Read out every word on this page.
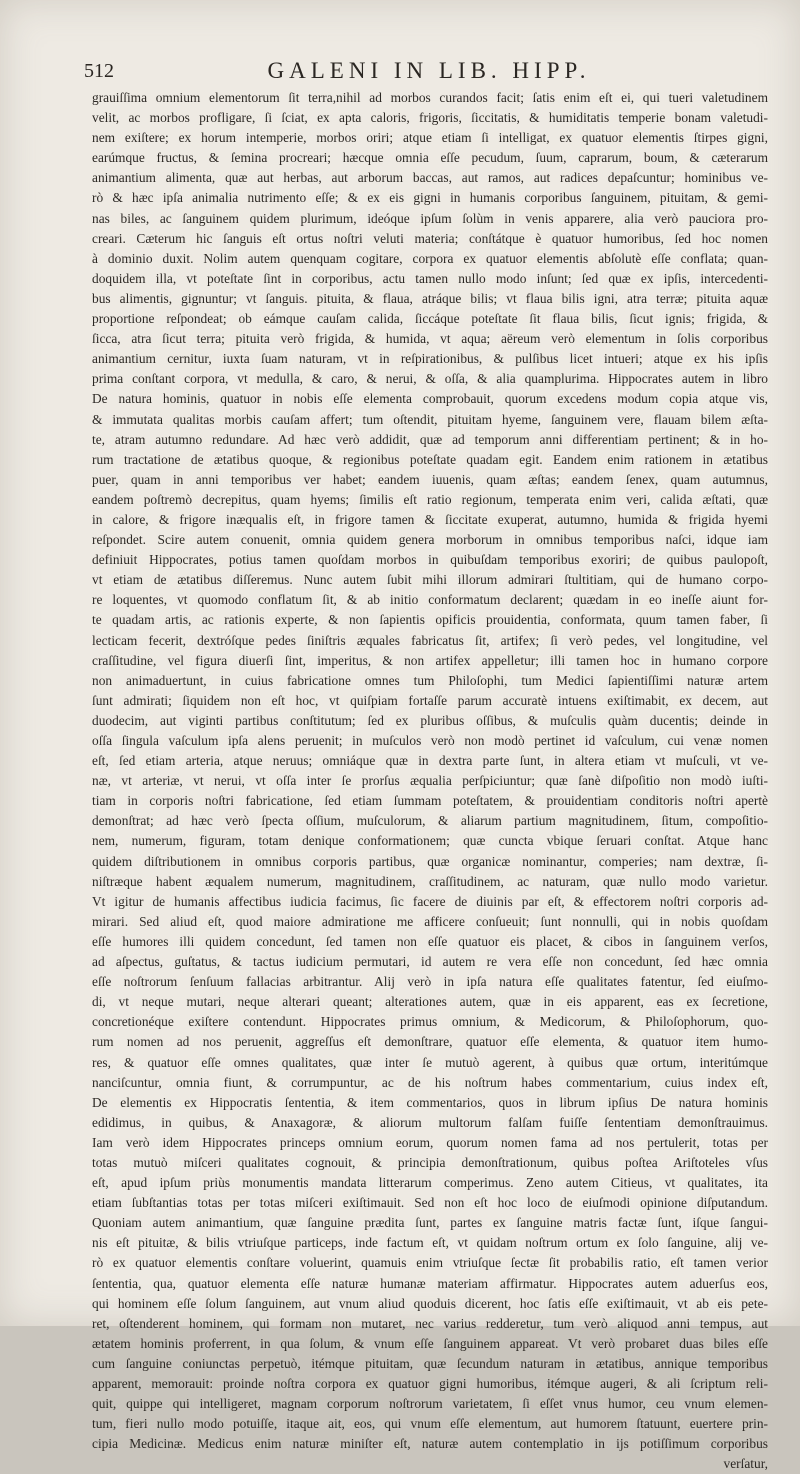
512	GALENI IN LIB. HIPP.
grauiſſima omnium elementorum ſit terra,nihil ad morbos curandos facit; ſatis enim eſt ei, qui tueri valetudinem
velit, ac morbos profligare, ſi ſciat, ex apta caloris, frigoris, ſiccitatis, & humiditatis temperie bonam valetudi-
nem exiſtere; ex horum intemperie, morbos oriri; atque etiam ſi intelligat, ex quatuor elementis ſtirpes gigni,
earúmque fructus, & ſemina procreari; hæcque omnia eſſe pecudum, ſuum, caprarum, boum, & cæterarum
animantium alimenta, quæ aut herbas, aut arborum baccas, aut ramos, aut radices depaſcuntur; hominibus ve-
rò & hæc ipſa animalia nutrimento eſſe; & ex eis gigni in humanis corporibus ſanguinem, pituitam, & gemi-
nas biles, ac ſanguinem quidem plurimum, ideóque ipſum ſolùm in venis apparere, alia verò pauciora pro-
creari. Cæterum hic ſanguis eſt ortus noſtri veluti materia; conſtátque è quatuor humoribus, ſed hoc nomen
à dominio duxit. Nolim autem quenquam cogitare, corpora ex quatuor elementis abſolutè eſſe conflata; quan-
doquidem illa, vt poteſtate ſint in corporibus, actu tamen nullo modo inſunt; ſed quæ ex ipſis, intercedenti-
bus alimentis, gignuntur; vt ſanguis. pituita, & flaua, atráque bilis; vt flaua bilis igni, atra terræ; pituita aquæ
proportione reſpondeat; ob eámque cauſam calida, ſiccáque poteſtate ſit flaua bilis, ſicut ignis; frigida, &
ſicca, atra ſicut terra; pituita verò frigida, & humida, vt aqua; aëreum verò elementum in ſolis corporibus
animantium cernitur, iuxta ſuam naturam, vt in reſpirationibus, & pulſibus licet intueri; atque ex his ipſis
prima conſtant corpora, vt medulla, & caro, & nerui, & oſſa, & alia quamplurima. Hippocrates autem in libro
De natura hominis, quatuor in nobis eſſe elementa comprobauit, quorum excedens modum copia atque vis,
& immutata qualitas morbis cauſam affert; tum oſtendit, pituitam hyeme, ſanguinem vere, flauam bilem æſta-
te, atram autumno redundare. Ad hæc verò addidit, quæ ad temporum anni differentiam pertinent; & in ho-
rum tractatione de ætatibus quoque, & regionibus poteſtate quadam egit. Eandem enim rationem in ætatibus
puer, quam in anni temporibus ver habet; eandem iuuenis, quam æſtas; eandem ſenex, quam autumnus,
eandem poſtremò decrepitus, quam hyems; ſimilis eſt ratio regionum, temperata enim veri, calida æſtati, quæ
in calore, & frigore inæqualis eſt, in frigore tamen & ſiccitate exuperat, autumno, humida & frigida hyemi
reſpondet. Scire autem conuenit, omnia quidem genera morborum in omnibus temporibus naſci, idque iam
definiuit Hippocrates, potius tamen quoſdam morbos in quibuſdam temporibus exoriri; de quibus paulopoſt,
vt etiam de ætatibus diſſeremus. Nunc autem ſubit mihi illorum admirari ſtultitiam, qui de humano corpo-
re loquentes, vt quomodo conflatum ſit, & ab initio conformatum declarent; quædam in eo ineſſe aiunt for-
te quadam artis, ac rationis experte, & non ſapientis opificis prouidentia, conformata, quum tamen faber, ſi
lecticam fecerit, dextróſque pedes ſiniſtris æquales fabricatus ſit, artifex; ſi verò pedes, vel longitudine, vel
craſſitudine, vel figura diuerſi ſint, imperitus, & non artifex appelletur; illi tamen hoc in humano corpore
non animaduertunt, in cuius fabricatione omnes tum Philoſophi, tum Medici ſapientiſſimi naturæ artem
ſunt admirati; ſiquidem non eſt hoc, vt quiſpiam fortaſſe parum accuratè intuens exiſtimabit, ex decem, aut
duodecim, aut viginti partibus conſtitutum; ſed ex pluribus oſſibus, & muſculis quàm ducentis; deinde in
oſſa ſingula vaſculum ipſa alens peruenit; in muſculos verò non modò pertinet id vaſculum, cui venæ nomen
eſt, ſed etiam arteria, atque neruus; omniáque quæ in dextra parte ſunt, in altera etiam vt muſculi, vt ve-
næ, vt arteriæ, vt nerui, vt oſſa inter ſe prorſus æqualia perſpiciuntur; quæ ſanè diſpoſitio non modò iuſti-
tiam in corporis noſtri fabricatione, ſed etiam ſummam poteſtatem, & prouidentiam conditoris noſtri apertè
demonſtrat; ad hæc verò ſpecta oſſium, muſculorum, & aliarum partium magnitudinem, ſitum, compoſitio-
nem, numerum, figuram, totam denique conformationem; quæ cuncta vbique ſeruari conſtat. Atque hanc
quidem diſtributionem in omnibus corporis partibus, quæ organicæ nominantur, comperies; nam dextræ, ſi-
niſtræque habent æqualem numerum, magnitudinem, craſſitudinem, ac naturam, quæ nullo modo varietur.
Vt igitur de humanis affectibus iudicia facimus, ſic facere de diuinis par eſt, & effectorem noſtri corporis ad-
mirari. Sed aliud eſt, quod maiore admiratione me afficere conſueuit; ſunt nonnulli, qui in nobis quoſdam
eſſe humores illi quidem concedunt, ſed tamen non eſſe quatuor eis placet, & cibos in ſanguinem verſos,
ad aſpectus, guſtatus, & tactus iudicium permutari, id autem re vera eſſe non concedunt, ſed hæc omnia
eſſe noſtrorum ſenſuum fallacias arbitrantur. Alij verò in ipſa natura eſſe qualitates fatentur, ſed eiuſmo-
di, vt neque mutari, neque alterari queant; alterationes autem, quæ in eis apparent, eas ex ſecretione,
concretionéque exiſtere contendunt. Hippocrates primus omnium, & Medicorum, & Philoſophorum, quo-
rum nomen ad nos peruenit, aggreſſus eſt demonſtrare, quatuor eſſe elementa, & quatuor item humo-
res, & quatuor eſſe omnes qualitates, quæ inter ſe mutuò agerent, à quibus quæ ortum, interitúmque
nanciſcuntur, omnia fiunt, & corrumpuntur, ac de his noſtrum habes commentarium, cuius index eſt,
De elementis ex Hippocratis ſententia, & item commentarios, quos in librum ipſius De natura hominis
edidimus, in quibus, & Anaxagoræ, & aliorum multorum falſam fuiſſe ſententiam demonſtrauimus.
Iam verò idem Hippocrates princeps omnium eorum, quorum nomen fama ad nos pertulerit, totas per
totas mutuò miſceri qualitates cognouit, & principia demonſtrationum, quibus poſtea Ariſtoteles vſus
eſt, apud ipſum priùs monumentis mandata litterarum comperimus. Zeno autem Citieus, vt qualitates, ita
etiam ſubſtantias totas per totas miſceri exiſtimauit. Sed non eſt hoc loco de eiuſmodi opinione diſputandum.
Quoniam autem animantium, quæ ſanguine prædita ſunt, partes ex ſanguine matris factæ ſunt, iſque ſangui-
nis eſt pituitæ, & bilis vtriuſque particeps, inde factum eſt, vt quidam noſtrum ortum ex ſolo ſanguine, alij ve-
rò ex quatuor elementis conſtare voluerint, quamuis enim vtriuſque ſectæ ſit probabilis ratio, eſt tamen verior
ſententia, qua, quatuor elementa eſſe naturæ humanæ materiam affirmatur. Hippocrates autem aduerſus eos,
qui hominem eſſe ſolum ſanguinem, aut vnum aliud quoduis dicerent, hoc ſatis eſſe exiſtimauit, vt ab eis pete-
ret, oſtenderent hominem, qui formam non mutaret, nec varius redderetur, tum verò aliquod anni tempus, aut
ætatem hominis proferrent, in qua ſolum, & vnum eſſe ſanguinem appareat. Vt verò probaret duas biles eſſe
cum ſanguine coniunctas perpetuò, itémque pituitam, quæ ſecundum naturam in ætatibus, annique temporibus
apparent, memorauit: proinde noſtra corpora ex quatuor gigni humoribus, itémque augeri, & ali ſcriptum reli-
quit, quippe qui intelligeret, magnam corporum noſtrorum varietatem, ſi eſſet vnus humor, ceu vnum elemen-
tum, fieri nullo modo potuiſſe, itaque ait, eos, qui vnum eſſe elementum, aut humorem ſtatuunt, euertere prin-
cipia Medicinæ. Medicus enim naturæ miniſter eſt, naturæ autem contemplatio in ijs potiſſimum corporibus
verſatur,
